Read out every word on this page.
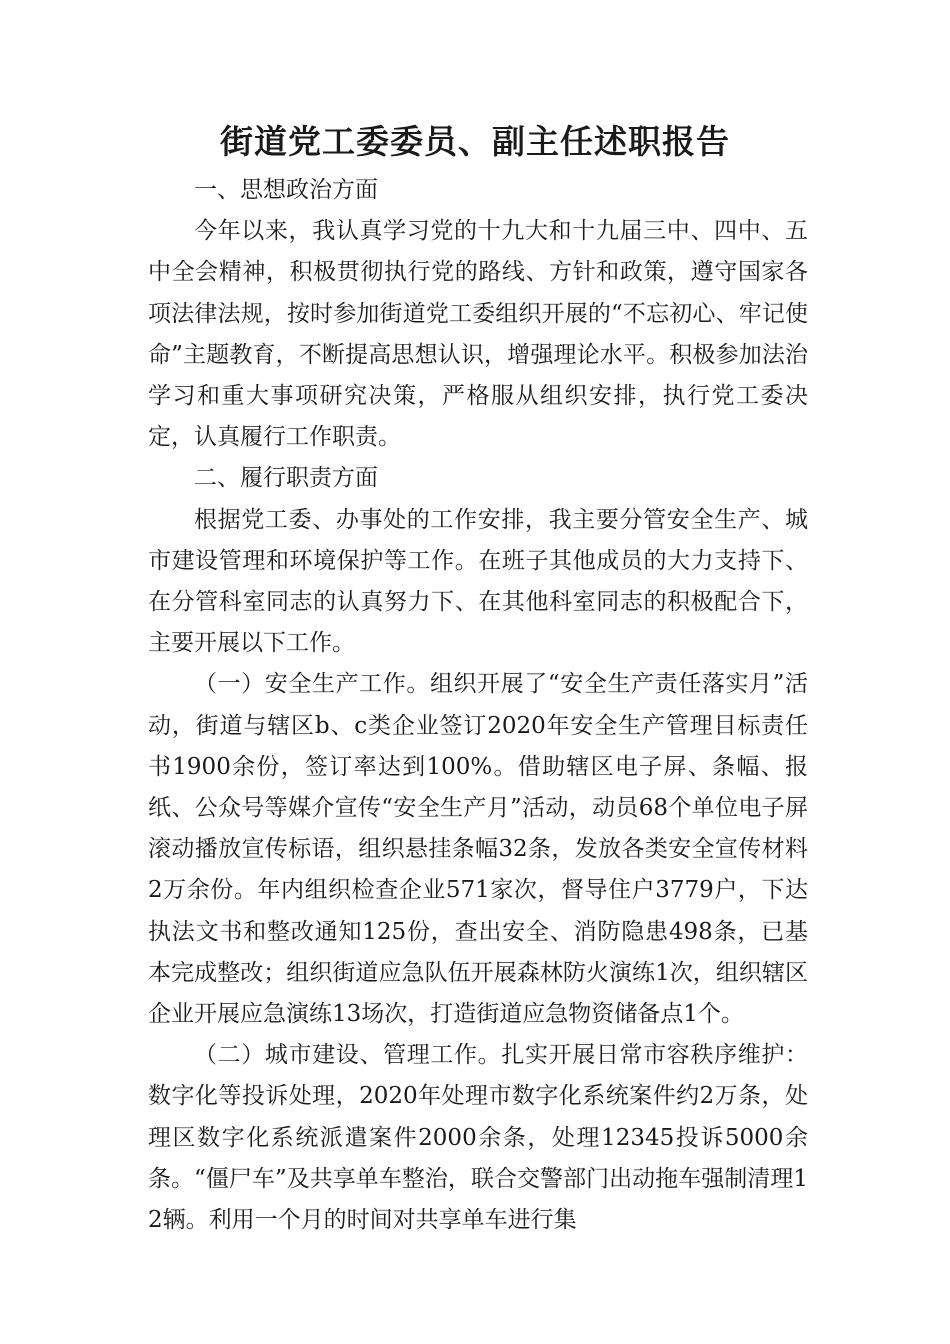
街道党工委委员、副主任述职报告

一、思想政治方面

今年以来，我认真学习党的十九大和十九届三中、四中、五中全会精神，积极贯彻执行党的路线、方针和政策，遵守国家各项法律法规，按时参加街道党工委组织开展的“不忘初心、牢记使命”主题教育，不断提高思想认识，增强理论水平。积极参加法治学习和重大事项研究决策，严格服从组织安排，执行党工委决定，认真履行工作职责。

二、履行职责方面

根据党工委、办事处的工作安排，我主要分管安全生产、城市建设管理和环境保护等工作。在班子其他成员的大力支持下、在分管科室同志的认真努力下、在其他科室同志的积极配合下，主要开展以下工作。

（一）安全生产工作。组织开展了“安全生产责任落实月”活动，街道与辖区b、c类企业签订2020年安全生产管理目标责任书1900余份，签订率达到100%。借助辖区电子屏、条幅、报纸、公众号等媒介宣传“安全生产月”活动，动员68个单位电子屏滚动播放宣传标语，组织悬挂条幅32条，发放各类安全宣传材料2万余份。年内组织检查企业571家次，督导住户3779户，下达执法文书和整改通知125份，查出安全、消防隐患498条，已基本完成整改；组织街道应急队伍开展森林防火演练1次，组织辖区企业开展应急演练13场次，打造街道应急物资储备点1个。

（二）城市建设、管理工作。扎实开展日常市容秩序维护：数字化等投诉处理，2020年处理市数字化系统案件约2万条，处理区数字化系统派遣案件2000余条，处理12345投诉5000余条。“僵尸车”及共享单车整治，联合交警部门出动拖车强制清理12辆。利用一个月的时间对共享单车进行集
